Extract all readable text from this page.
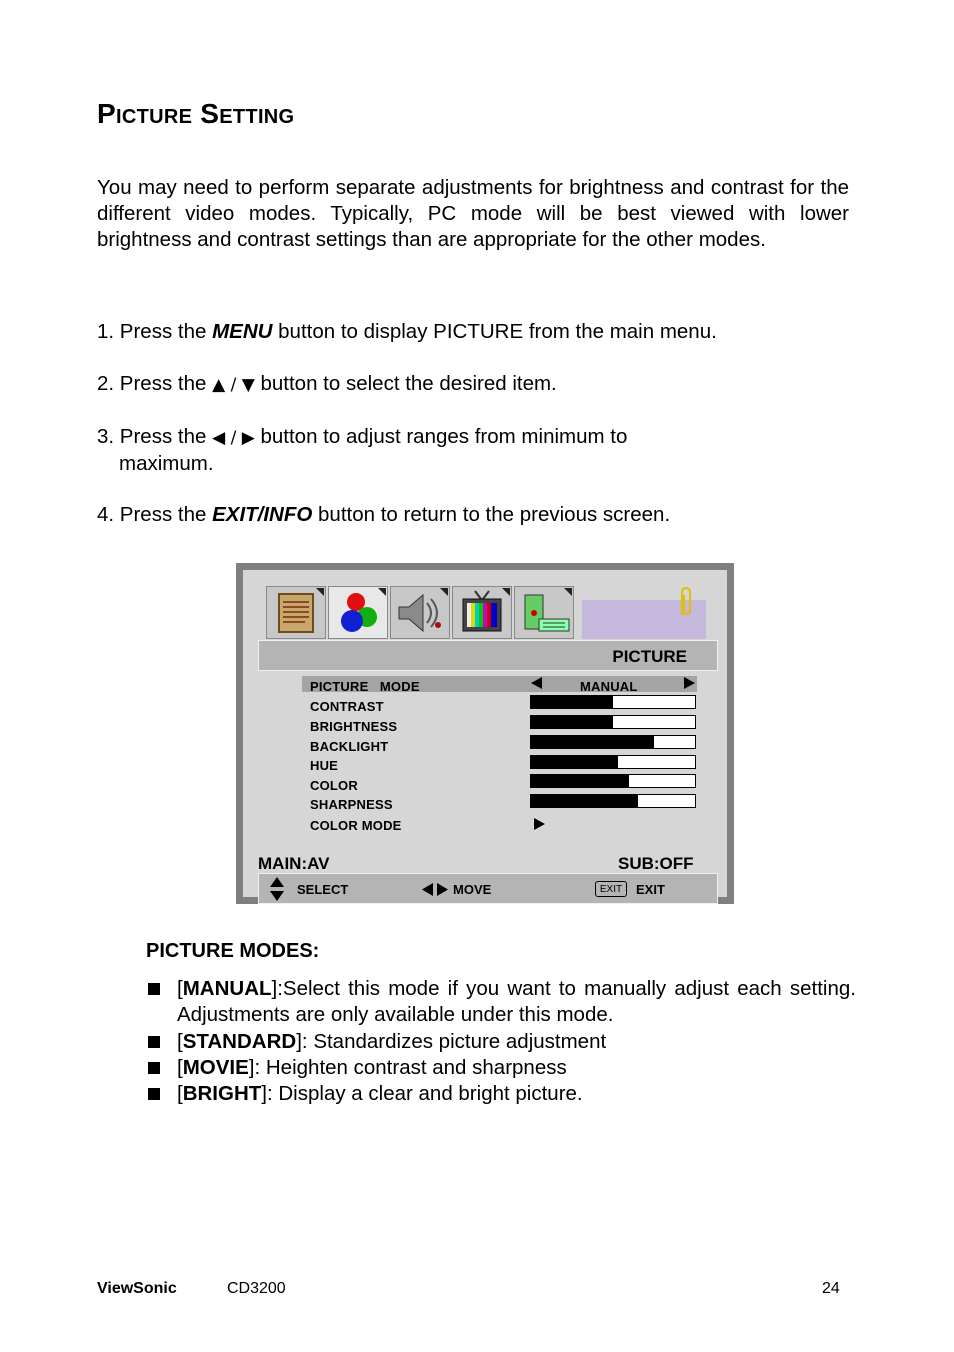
Picture Setting
You may need to perform separate adjustments for brightness and contrast for the different video modes. Typically, PC mode will be best viewed with lower brightness and contrast settings than are appropriate for the other modes.
1. Press the MENU button to display PICTURE from the main menu.
2. Press the ▲ / ▼ button to select the desired item.
3. Press the ◀ / ▶ button to adjust ranges from minimum to
maximum.
4. Press the EXIT/INFO button to return to the previous screen.
PICTURE
PICTURE   MODE	MANUAL
CONTRAST
BRIGHTNESS
BACKLIGHT
HUE
COLOR
SHARPNESS
COLOR MODE
MAIN:AV	SUB:OFF
SELECT	MOVE	EXIT	EXIT
PICTURE MODES:
[MANUAL]:Select this mode if you want to manually adjust each setting. Adjustments are only available under this mode.
[STANDARD]: Standardizes picture adjustment
[MOVIE]: Heighten contrast and sharpness
[BRIGHT]: Display a clear and bright picture.
ViewSonic	CD3200	24
